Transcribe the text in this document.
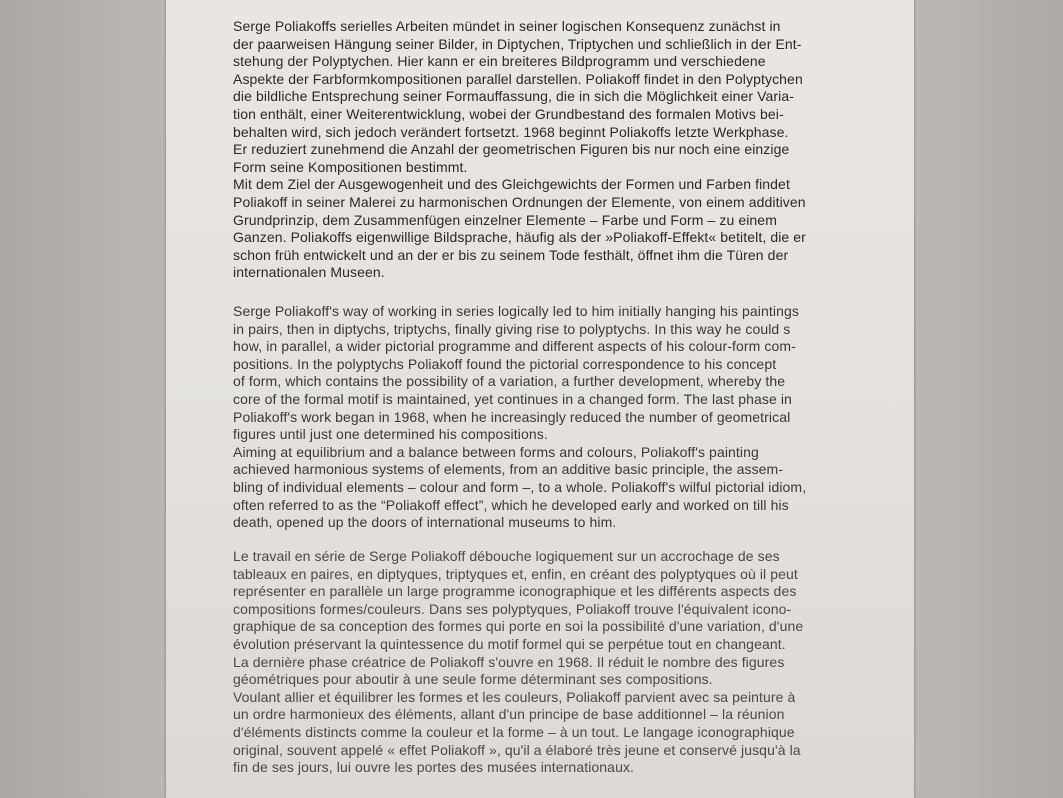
Serge Poliakoffs serielles Arbeiten mündet in seiner logischen Konsequenz zunächst in
der paarweisen Hängung seiner Bilder, in Diptychen, Triptychen und schließlich in der Ent-
stehung der Polyptychen. Hier kann er ein breiteres Bildprogramm und verschiedene
Aspekte der Farbformkompositionen parallel darstellen. Poliakoff findet in den Polyptychen
die bildliche Entsprechung seiner Formauffassung, die in sich die Möglichkeit einer Varia-
tion enthält, einer Weiterentwicklung, wobei der Grundbestand des formalen Motivs bei-
behalten wird, sich jedoch verändert fortsetzt. 1968 beginnt Poliakoffs letzte Werkphase.
Er reduziert zunehmend die Anzahl der geometrischen Figuren bis nur noch eine einzige
Form seine Kompositionen bestimmt.
Mit dem Ziel der Ausgewogenheit und des Gleichgewichts der Formen und Farben findet
Poliakoff in seiner Malerei zu harmonischen Ordnungen der Elemente, von einem additiven
Grundprinzip, dem Zusammenfügen einzelner Elemente – Farbe und Form – zu einem
Ganzen. Poliakoffs eigenwillige Bildsprache, häufig als der »Poliakoff-Effekt« betitelt, die er
schon früh entwickelt und an der er bis zu seinem Tode festhält, öffnet ihm die Türen der
internationalen Museen.
Serge Poliakoff's way of working in series logically led to him initially hanging his paintings
in pairs, then in diptychs, triptychs, finally giving rise to polyptychs. In this way he could s
how, in parallel, a wider pictorial programme and different aspects of his colour-form com-
positions. In the polyptychs Poliakoff found the pictorial correspondence to his concept
of form, which contains the possibility of a variation, a further development, whereby the
core of the formal motif is maintained, yet continues in a changed form. The last phase in
Poliakoff's work began in 1968, when he increasingly reduced the number of geometrical
figures until just one determined his compositions.
Aiming at equilibrium and a balance between forms and colours, Poliakoff's painting
achieved harmonious systems of elements, from an additive basic principle, the assem-
bling of individual elements – colour and form –, to a whole. Poliakoff's wilful pictorial idiom,
often referred to as the “Poliakoff effect”, which he developed early and worked on till his
death, opened up the doors of international museums to him.
Le travail en série de Serge Poliakoff débouche logiquement sur un accrochage de ses
tableaux en paires, en diptyques, triptyques et, enfin, en créant des polyptyques où il peut
représenter en parallèle un large programme iconographique et les différents aspects des
compositions formes/couleurs. Dans ses polyptyques, Poliakoff trouve l'équivalent icono-
graphique de sa conception des formes qui porte en soi la possibilité d'une variation, d'une
évolution préservant la quintessence du motif formel qui se perpétue tout en changeant.
La dernière phase créatrice de Poliakoff s'ouvre en 1968. Il réduit le nombre des figures
géométriques pour aboutir à une seule forme déterminant ses compositions.
Voulant allier et équilibrer les formes et les couleurs, Poliakoff parvient avec sa peinture à
un ordre harmonieux des éléments, allant d'un principe de base additionnel – la réunion
d'éléments distincts comme la couleur et la forme – à un tout. Le langage iconographique
original, souvent appelé « effet Poliakoff », qu'il a élaboré très jeune et conservé jusqu'à la
fin de ses jours, lui ouvre les portes des musées internationaux.
